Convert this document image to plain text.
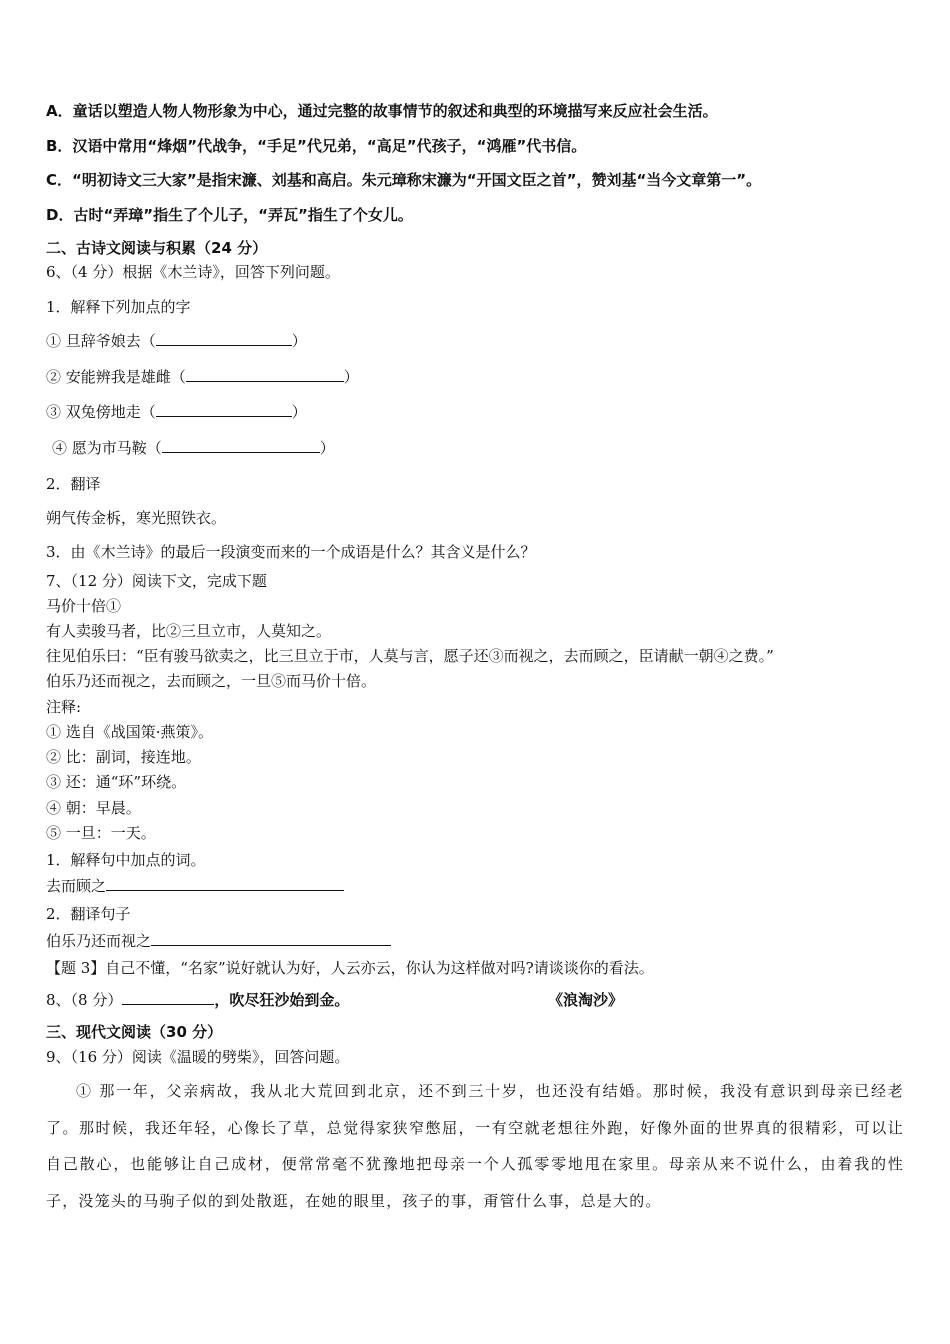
A．童话以塑造人物人物形象为中心，通过完整的故事情节的叙述和典型的环境描写来反应社会生活。
B．汉语中常用“烽烟”代战争，“手足”代兄弟，“高足”代孩子，“鸿雁”代书信。
C．“明初诗文三大家”是指宋濂、刘基和高启。朱元璋称宋濂为“开国文臣之首”，赞刘基“当今文章第一”。
D．古时“弄璋”指生了个儿子，“弄瓦”指生了个女儿。
二、古诗文阅读与积累（24 分）
6、（4 分）根据《木兰诗》，回答下列问题。
1．解释下列加点的字
① 旦辞爷娘去（	）
② 安能辨我是雄雌（	）
③ 双兔傍地走（	）
④ 愿为市马鞍（	）
2．翻译
朔气传金柝，寒光照铁衣。
3．由《木兰诗》的最后一段演变而来的一个成语是什么？其含义是什么？
7、（12 分）阅读下文，完成下题
马价十倍①
有人卖骏马者，比②三旦立市，人莫知之。
往见伯乐曰：“臣有骏马欲卖之，比三旦立于市，人莫与言，愿子还③而视之，去而顾之，臣请献一朝④之费。”
伯乐乃还而视之，去而顾之，一旦⑤而马价十倍。
注释:
① 选自《战国策·燕策》。
② 比：副词，接连地。
③ 还：通“环”环绕。
④ 朝：早晨。
⑤ 一旦：一天。
1．解释句中加点的词。
去而顾之
2．翻译句子
伯乐乃还而视之
【题 3】自己不懂，“名家”说好就认为好，人云亦云，你认为这样做对吗?请谈谈你的看法。
8、（8 分）	，吹尽狂沙始到金。	《浪淘沙》
三、现代文阅读（30 分）
9、（16 分）阅读《温暖的劈柴》，回答问题。
① 那一年，父亲病故，我从北大荒回到北京，还不到三十岁，也还没有结婚。那时候，我没有意识到母亲已经老了。那时候，我还年轻，心像长了草，总觉得家狭窄憋屈，一有空就老想往外跑，好像外面的世界真的很精彩，可以让自己散心，也能够让自己成材，便常常毫不犹豫地把母亲一个人孤零零地甩在家里。母亲从来不说什么，由着我的性子，没笼头的马驹子似的到处散逛，在她的眼里，孩子的事，甭管什么事，总是大的。
